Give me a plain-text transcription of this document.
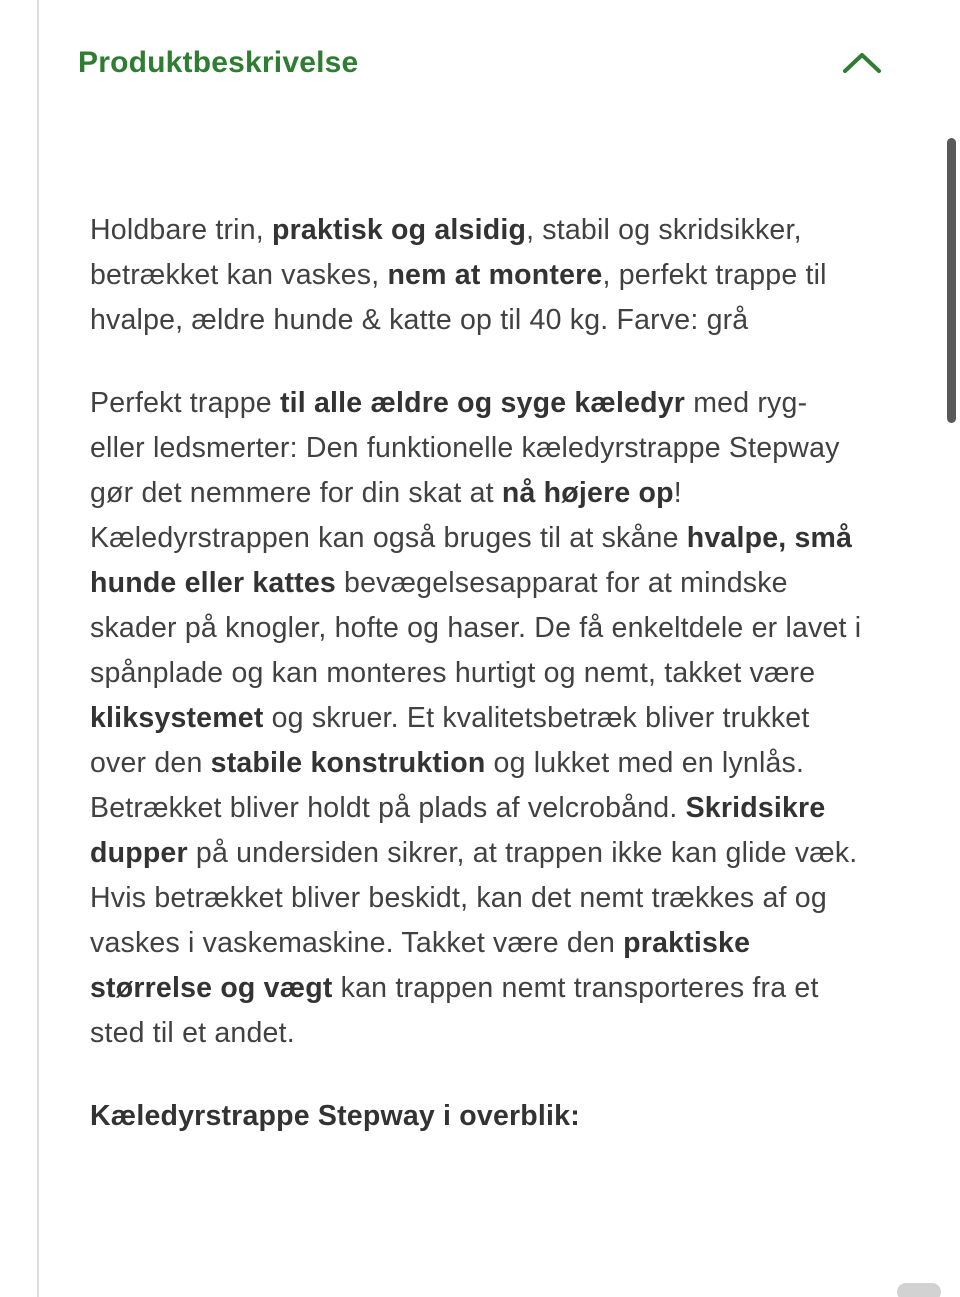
Produktbeskrivelse

Holdbare trin, praktisk og alsidig, stabil og skridsikker, betrækket kan vaskes, nem at montere, perfekt trappe til hvalpe, ældre hunde & katte op til 40 kg. Farve: grå

Perfekt trappe til alle ældre og syge kæledyr med ryg- eller ledsmerter: Den funktionelle kæledyrstrappe Stepway gør det nemmere for din skat at nå højere op! Kæledyrstrappen kan også bruges til at skåne hvalpe, små hunde eller kattes bevægelsesapparat for at mindske skader på knogler, hofte og haser. De få enkeltdele er lavet i spånplade og kan monteres hurtigt og nemt, takket være kliksystemet og skruer. Et kvalitetsbetræk bliver trukket over den stabile konstruktion og lukket med en lynlås. Betrækket bliver holdt på plads af velcrobånd. Skridsikre dupper på undersiden sikrer, at trappen ikke kan glide væk. Hvis betrækket bliver beskidt, kan det nemt trækkes af og vaskes i vaskemaskine. Takket være den praktiske størrelse og vægt kan trappen nemt transporteres fra et sted til et andet.

Kæledyrstrappe Stepway i overblik:
